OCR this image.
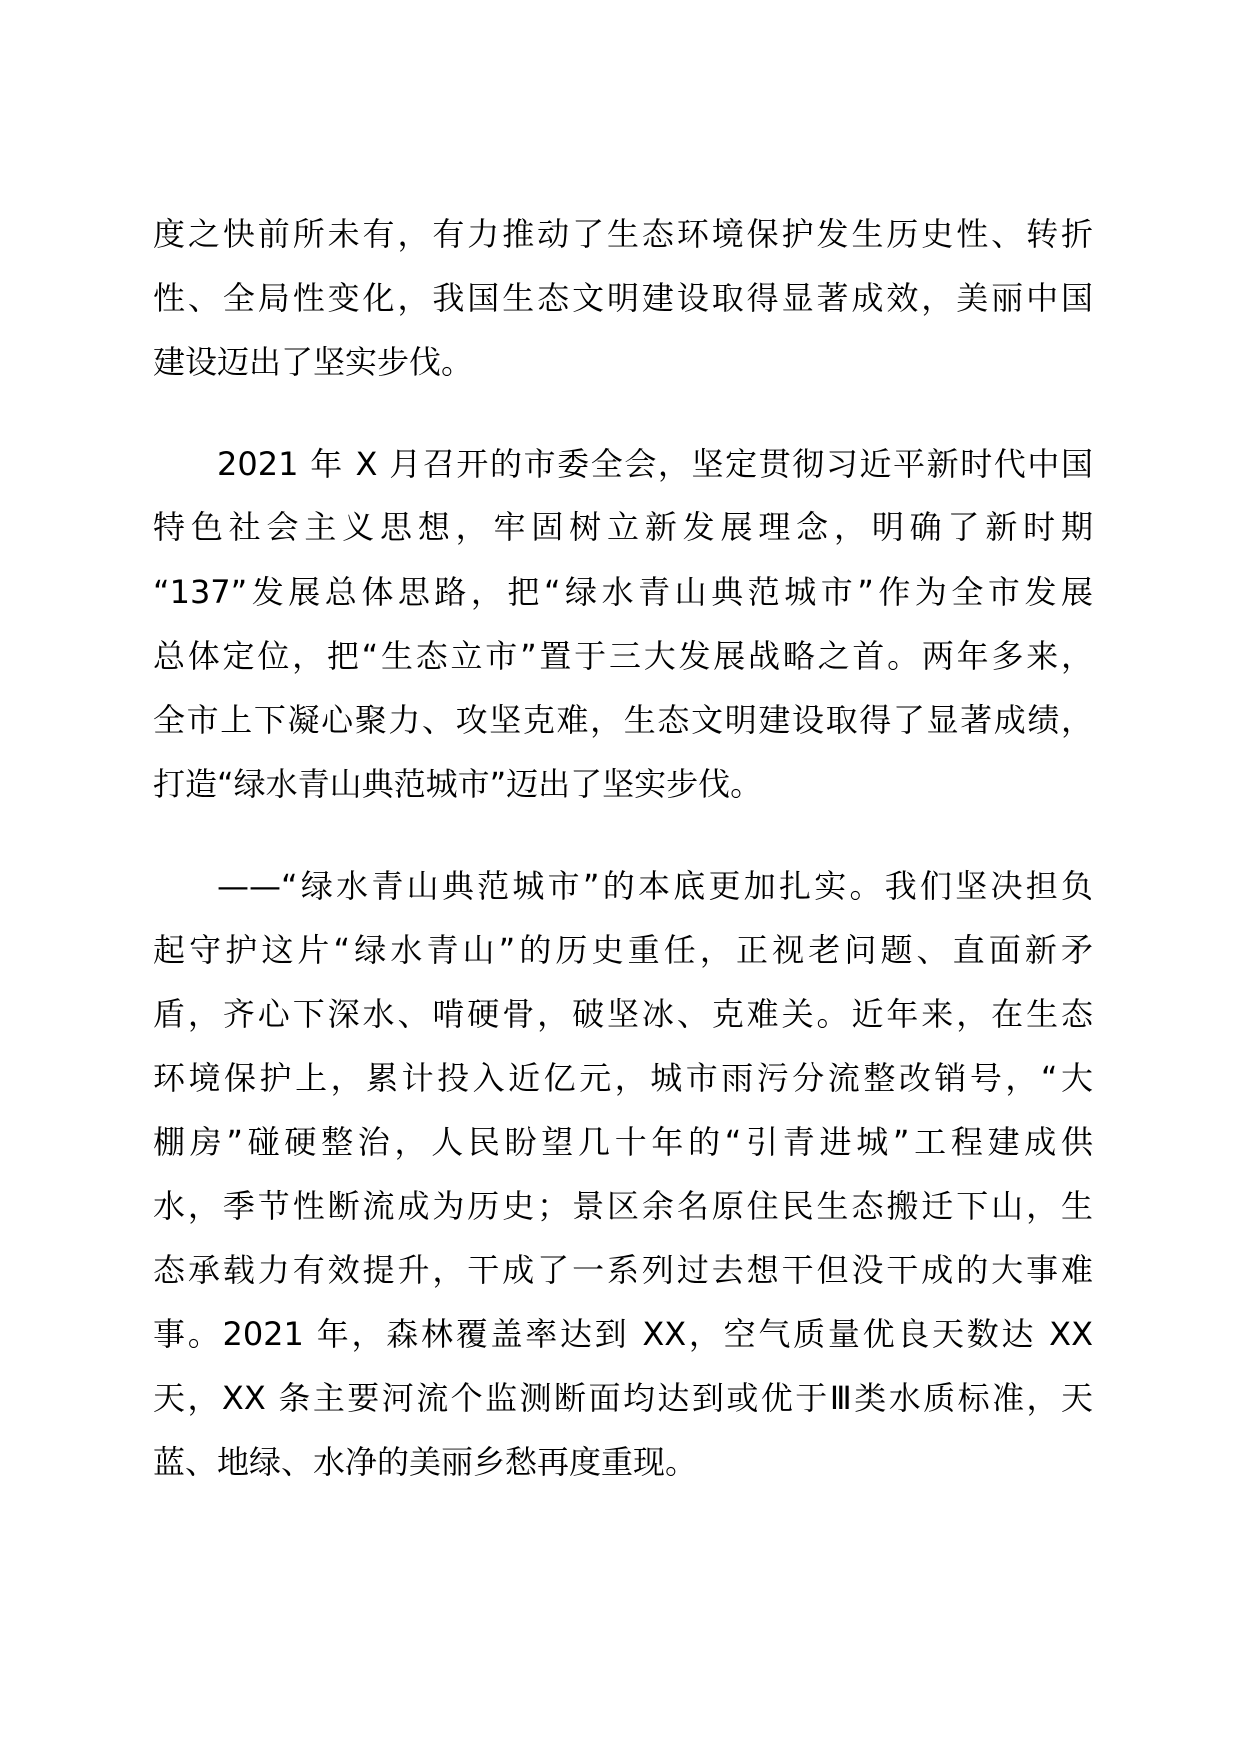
度之快前所未有，有力推动了生态环境保护发生历史性、转折
性、全局性变化，我国生态文明建设取得显著成效，美丽中国
建设迈出了坚实步伐。
2021 年 X 月召开的市委全会，坚定贯彻习近平新时代中国
特色社会主义思想，牢固树立新发展理念，明确了新时期
“137”发展总体思路，把“绿水青山典范城市”作为全市发展
总体定位，把“生态立市”置于三大发展战略之首。两年多来，
全市上下凝心聚力、攻坚克难，生态文明建设取得了显著成绩，
打造“绿水青山典范城市”迈出了坚实步伐。
——“绿水青山典范城市”的本底更加扎实。我们坚决担负
起守护这片“绿水青山”的历史重任，正视老问题、直面新矛
盾，齐心下深水、啃硬骨，破坚冰、克难关。近年来，在生态
环境保护上，累计投入近亿元，城市雨污分流整改销号，“大
棚房”碰硬整治，人民盼望几十年的“引青进城”工程建成供
水，季节性断流成为历史；景区余名原住民生态搬迁下山，生
态承载力有效提升，干成了一系列过去想干但没干成的大事难
事。2021 年，森林覆盖率达到 XX，空气质量优良天数达 XX
天，XX 条主要河流个监测断面均达到或优于Ⅲ类水质标准，天
蓝、地绿、水净的美丽乡愁再度重现。
